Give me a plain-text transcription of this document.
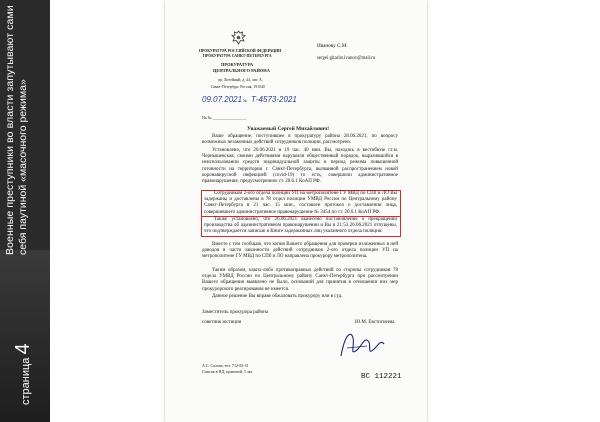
Военные преступники во власти запутывают сами себя паутиной «масочного режима»
страница 4
ПРОКУРАТУРА РОССИЙСКОЙ ФЕДЕРАЦИИ
ПРОКУРАТУРА САНКТ-ПЕТЕРБУРГА
ПРОКУРАТУРА
ЦЕНТРАЛЬНОГО РАЙОНА
пр. Литейный, д. 44, лит. А,
Санкт-Петербург, Россия, 191040
09.07.2021 № Т-4573-2021
На № _________________
Иванову С.М.
sergei.gitarist.ivanov@mail.ru
Уважаемый Сергей Михайлович!
Ваше обращение, поступившее в прокуратуру района 28.06.2021, по вопросу возможных незаконных действий сотрудников полиции, рассмотрено.
Установлено, что 26.06.2021 в 19 час. 40 мин. Вы, находясь в вестибюле ст.м. Чернышевская, своими действиями нарушили общественный порядок, выразившийся в неиспользовании средств индивидуальной защиты в период режима повышенной готовности на территории г. Санкт-Петербурга, вызванной распространением новой коронавирусной инфекцией (covid-19) то есть, совершили административное правонарушение, предусмотренное ст. 20.6.1 КоАП РФ.
Сотрудником 2-ого отдела полиции УП на метрополитене ГУ МВД по СПб и ЛО Вы задержаны и доставлены в 78 отдел полиции УМВД России по Центральному району Санкт-Петербурга в 21 час. 15 мин., составлен протокол о доставлении лица, совершившего административное правонарушение № 3454 по ст. 20.6.1 КоАП РФ.
Также установлено, что 26.06.2021 вынесено постановление о прекращении производства об административном правонарушении и Вы в 21:53 26.06.2021 отпущены, что подтверждается записью в Книге задержанных лиц указанного отдела полиции.
Вместе с тем сообщаю, что копия Вашего обращения для проверки изложенных в ней доводов в части законности действий сотрудников 2-ого отдела полиции УП на метрополитене ГУ МВД по СПб и ЛО направлена прокурору метрополитена.
Таким образом, каких-либо противоправных действий со стороны сотрудников 78 отдела УМВД России по Центральному району Санкт-Петербурга при рассмотрении Вашего обращения выявлено не было, оснований для принятия в отношении них мер прокурорского реагирования не имеется.
Данное решение Вы вправе обжаловать прокурору или в суд.
Заместитель прокурора района
советник юстиции	Ю.М. Евстигнеева
А.С. Сизова, тел. 712-83-51
Список в НД, правовой, 5 экз.
ВС 112221
